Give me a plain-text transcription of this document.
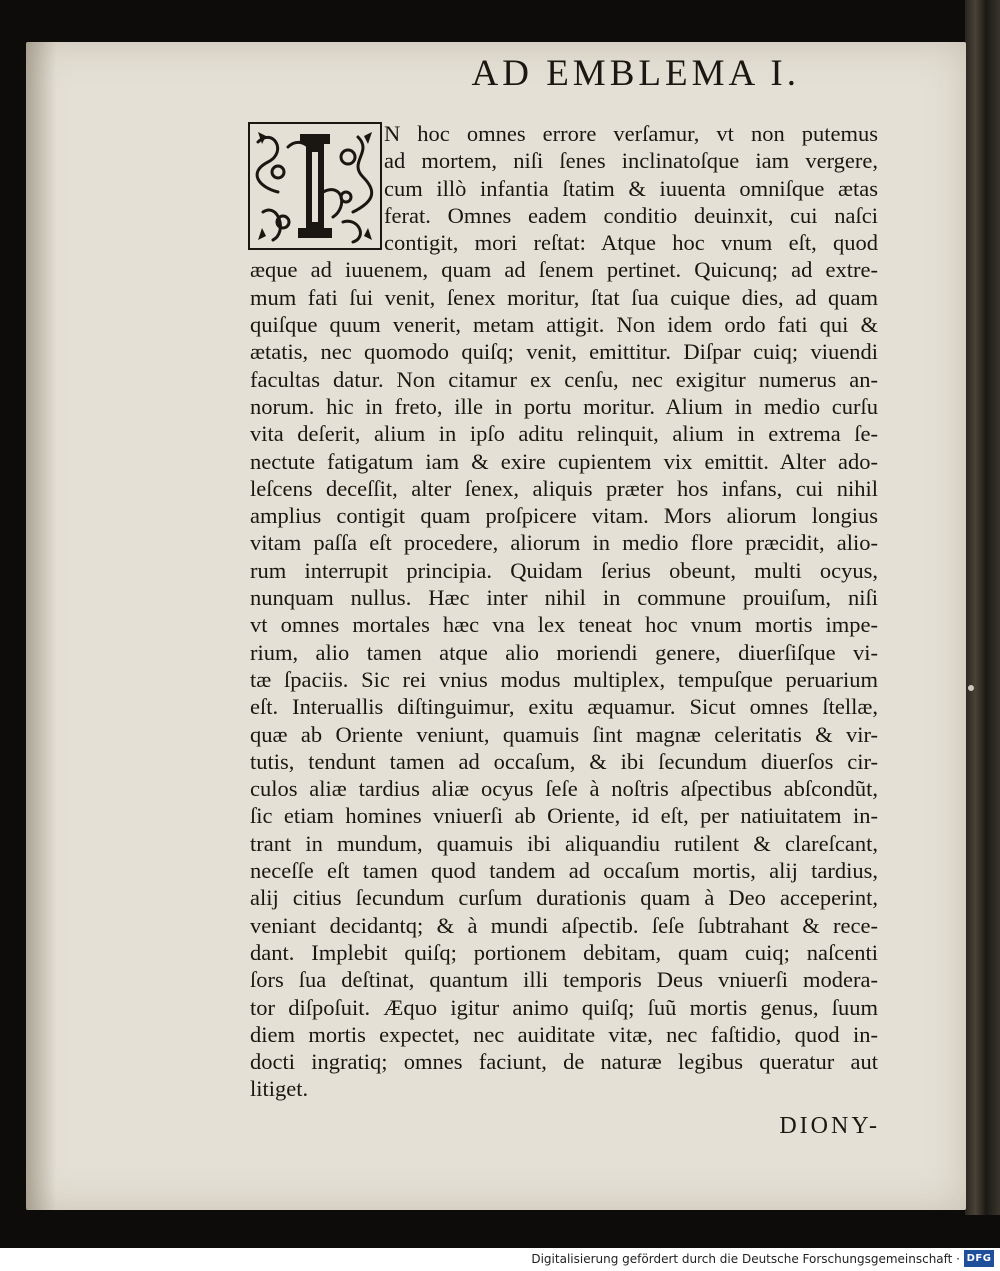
AD EMBLEMA I.
N hoc omnes errore verſamur, vt non putemus
ad mortem, niſi ſenes inclinatoſque iam vergere,
cum illò infantia ſtatim & iuuenta omniſque ætas
ferat. Omnes eadem conditio deuinxit, cui naſci
contigit, mori reſtat: Atque hoc vnum eſt, quod
æque ad iuuenem, quam ad ſenem pertinet. Quicunq; ad extre-
mum fati ſui venit, ſenex moritur, ſtat ſua cuique dies, ad quam
quiſque quum venerit, metam attigit. Non idem ordo fati qui &
ætatis, nec quomodo quiſq; venit, emittitur. Diſpar cuiq; viuendi
facultas datur. Non citamur ex cenſu, nec exigitur numerus an-
norum. hic in freto, ille in portu moritur. Alium in medio curſu
vita deſerit, alium in ipſo aditu relinquit, alium in extrema ſe-
nectute fatigatum iam & exire cupientem vix emittit. Alter ado-
leſcens deceſſit, alter ſenex, aliquis præter hos infans, cui nihil
amplius contigit quam proſpicere vitam. Mors aliorum longius
vitam paſſa eſt procedere, aliorum in medio flore præcidit, alio-
rum interrupit principia. Quidam ſerius obeunt, multi ocyus,
nunquam nullus. Hæc inter nihil in commune prouiſum, niſi
vt omnes mortales hæc vna lex teneat hoc vnum mortis impe-
rium, alio tamen atque alio moriendi genere, diuerſiſque vi-
tæ ſpaciis. Sic rei vnius modus multiplex, tempuſque peruarium
eſt. Interuallis diſtinguimur, exitu æquamur. Sicut omnes ſtellæ,
quæ ab Oriente veniunt, quamuis ſint magnæ celeritatis & vir-
tutis, tendunt tamen ad occaſum, & ibi ſecundum diuerſos cir-
culos aliæ tardius aliæ ocyus ſeſe à noſtris aſpectibus abſcondũt,
ſic etiam homines vniuerſi ab Oriente, id eſt, per natiuitatem in-
trant in mundum, quamuis ibi aliquandiu rutilent & clareſcant,
neceſſe eſt tamen quod tandem ad occaſum mortis, alij tardius,
alij citius ſecundum curſum durationis quam à Deo acceperint,
veniant decidantq; & à mundi aſpectib. ſeſe ſubtrahant & rece-
dant. Implebit quiſq; portionem debitam, quam cuiq; naſcenti
ſors ſua deſtinat, quantum illi temporis Deus vniuerſi modera-
tor diſpoſuit. Æquo igitur animo quiſq; ſuũ mortis genus, ſuum
diem mortis expectet, nec auiditate vitæ, nec faſtidio, quod in-
docti ingratiq; omnes faciunt, de naturæ legibus queratur aut
litiget.
DIONY-
Digitalisierung gefördert durch die Deutsche Forschungsgemeinschaft · DFG
